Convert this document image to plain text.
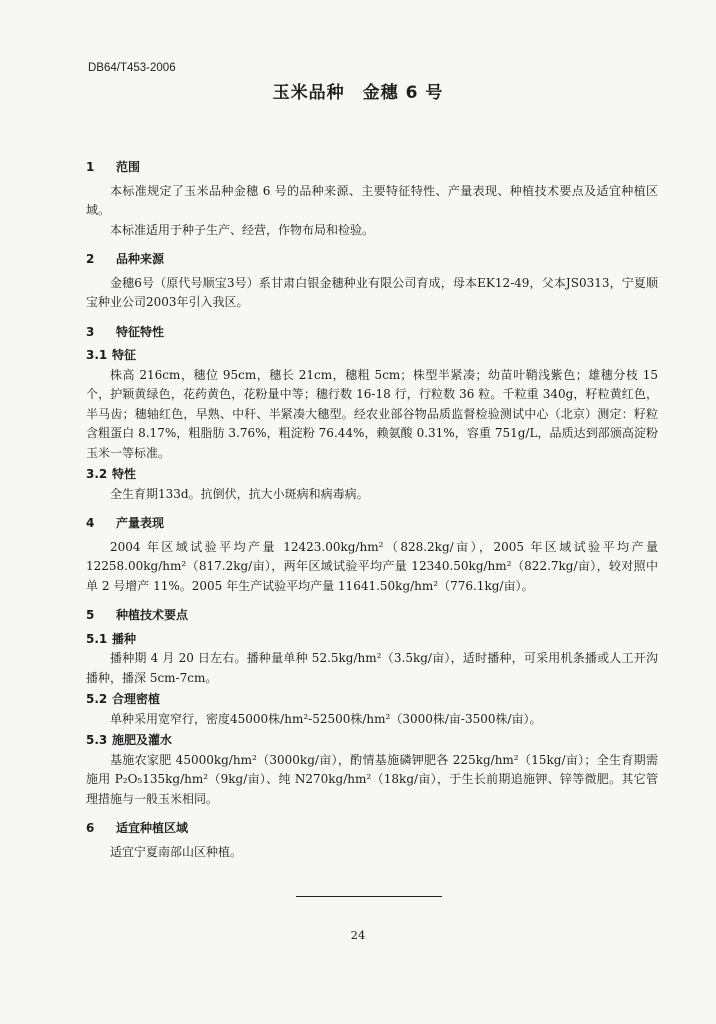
DB64/T453-2006
玉米品种 金穗 6 号
1 范围

本标准规定了玉米品种金穗 6 号的品种来源、主要特征特性、产量表现、种植技术要点及适宜种植区域。

本标准适用于种子生产、经营，作物布局和检验。

2 品种来源

金穗6号（原代号顺宝3号）系甘肃白银金穗种业有限公司育成，母本EK12-49，父本JS0313，宁夏顺宝种业公司2003年引入我区。

3 特征特性
3.1 特征

株高 216cm，穗位 95cm，穗长 21cm，穗粗 5cm；株型半紧凑；幼苗叶鞘浅紫色；雄穗分枝 15 个，护颖黄绿色，花药黄色，花粉量中等；穗行数 16-18 行，行粒数 36 粒。千粒重 340g，籽粒黄红色，半马齿；穗轴红色，早熟、中秆、半紧凑大穗型。经农业部谷物品质监督检验测试中心（北京）测定：籽粒含粗蛋白 8.17%，粗脂肪 3.76%，粗淀粉 76.44%，赖氨酸 0.31%，容重 751g/L，品质达到部颁高淀粉玉米一等标准。

3.2 特性

全生育期133d。抗倒伏，抗大小斑病和病毒病。

4 产量表现

2004 年区域试验平均产量 12423.00kg/hm²（828.2kg/亩），2005 年区域试验平均产量 12258.00kg/hm²（817.2kg/亩），两年区域试验平均产量 12340.50kg/hm²（822.7kg/亩），较对照中单 2 号增产 11%。2005 年生产试验平均产量 11641.50kg/hm²（776.1kg/亩）。

5 种植技术要点
5.1 播种

播种期 4 月 20 日左右。播种量单种 52.5kg/hm²（3.5kg/亩），适时播种，可采用机条播或人工开沟播种，播深 5cm-7cm。

5.2 合理密植

单种采用宽窄行，密度45000株/hm²-52500株/hm²（3000株/亩-3500株/亩）。

5.3 施肥及灌水

基施农家肥 45000kg/hm²（3000kg/亩），酌情基施磷钾肥各 225kg/hm²（15kg/亩）；全生育期需施用 P₂O₅135kg/hm²（9kg/亩）、纯 N270kg/hm²（18kg/亩），于生长前期追施钾、锌等微肥。其它管理措施与一般玉米相同。

6 适宜种植区域

适宜宁夏南部山区种植。

24
